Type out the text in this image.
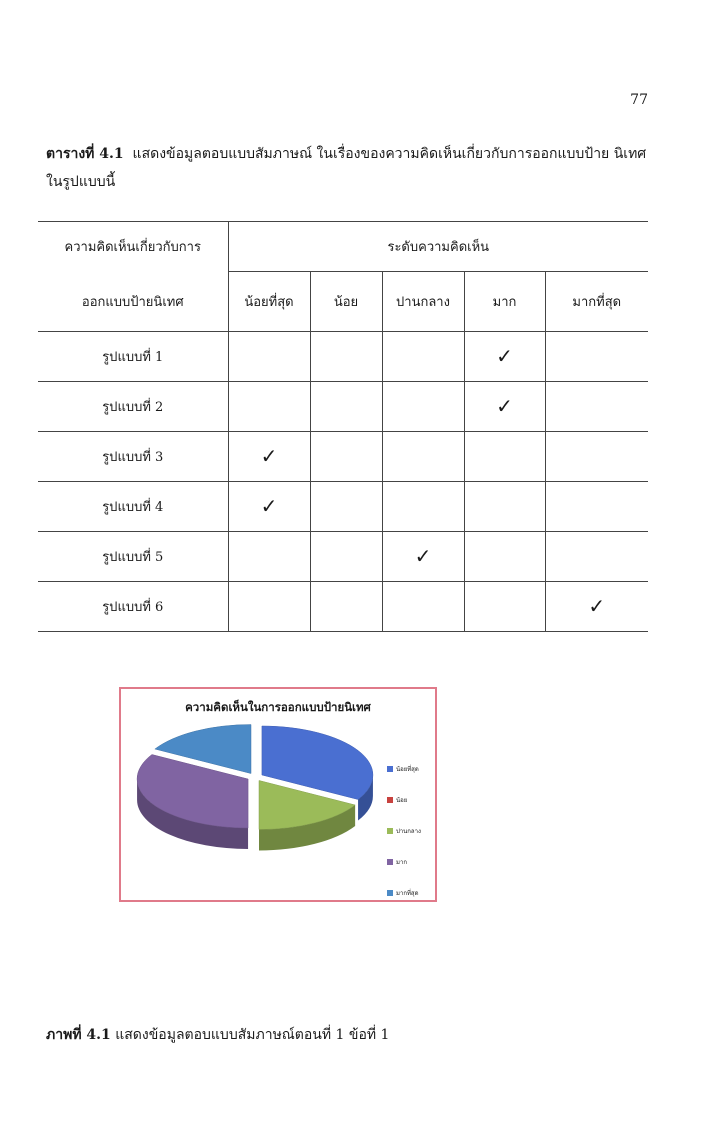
77
ตารางที่ 4.1 แสดงข้อมูลตอบแบบสัมภาษณ์ ในเรื่องของความคิดเห็นเกี่ยวกับการออกแบบป้าย นิเทศในรูปแบบนี้
ความคิดเห็นเกี่ยวกับการ	ระดับความคิดเห็น				
ออกแบบป้ายนิเทศ	น้อยที่สุด	น้อย	ปานกลาง	มาก	มากที่สุด
รูปแบบที่ 1				✓	
รูปแบบที่ 2				✓	
รูปแบบที่ 3	✓				
รูปแบบที่ 4	✓				
รูปแบบที่ 5			✓		
รูปแบบที่ 6					✓
ความคิดเห็นในการออกแบบป้ายนิเทศ
น้อยที่สุด
น้อย
ปานกลาง
มาก
มากที่สุด
ภาพที่ 4.1 แสดงข้อมูลตอบแบบสัมภาษณ์ตอนที่ 1 ข้อที่ 1
